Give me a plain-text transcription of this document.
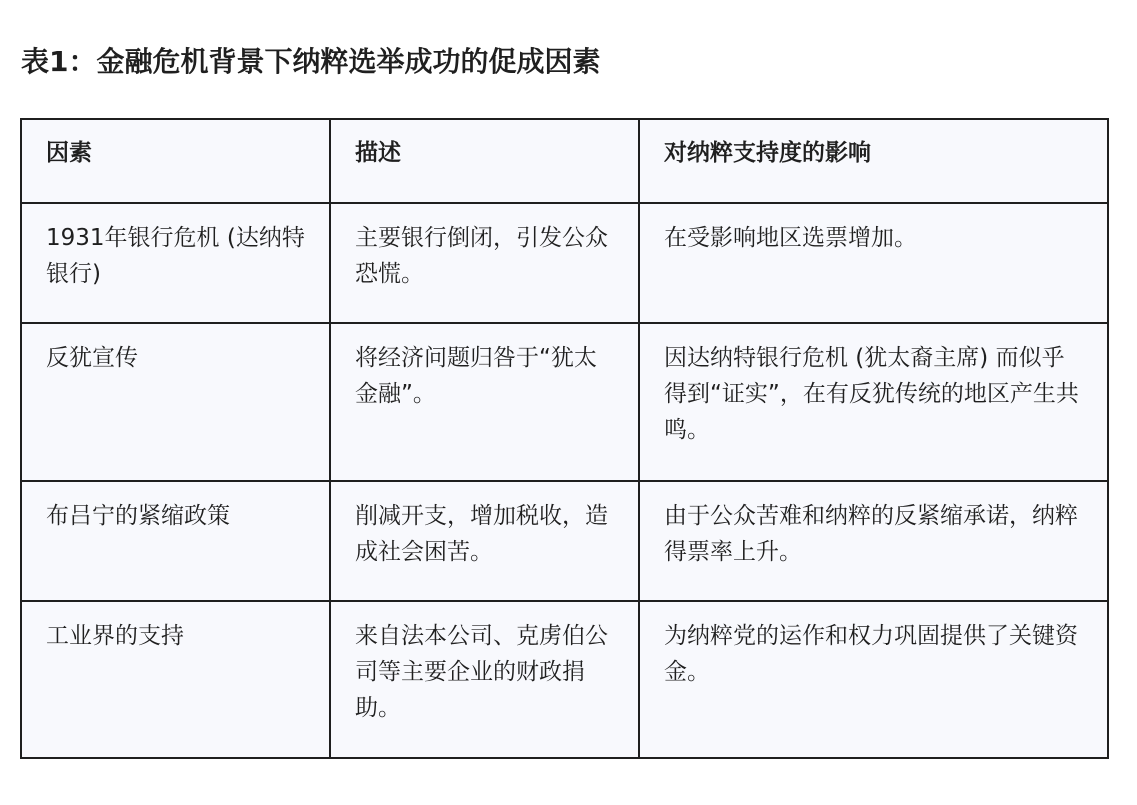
表1：金融危机背景下纳粹选举成功的促成因素
因素	描述	对纳粹支持度的影响
1931年银行危机 (达纳特银行)	主要银行倒闭，引发公众恐慌。	在受影响地区选票增加。
反犹宣传	将经济问题归咎于“犹太金融”。	因达纳特银行危机 (犹太裔主席) 而似乎得到“证实”，在有反犹传统的地区产生共鸣。
布吕宁的紧缩政策	削减开支，增加税收，造成社会困苦。	由于公众苦难和纳粹的反紧缩承诺，纳粹得票率上升。
工业界的支持	来自法本公司、克虏伯公司等主要企业的财政捐助。	为纳粹党的运作和权力巩固提供了关键资金。
